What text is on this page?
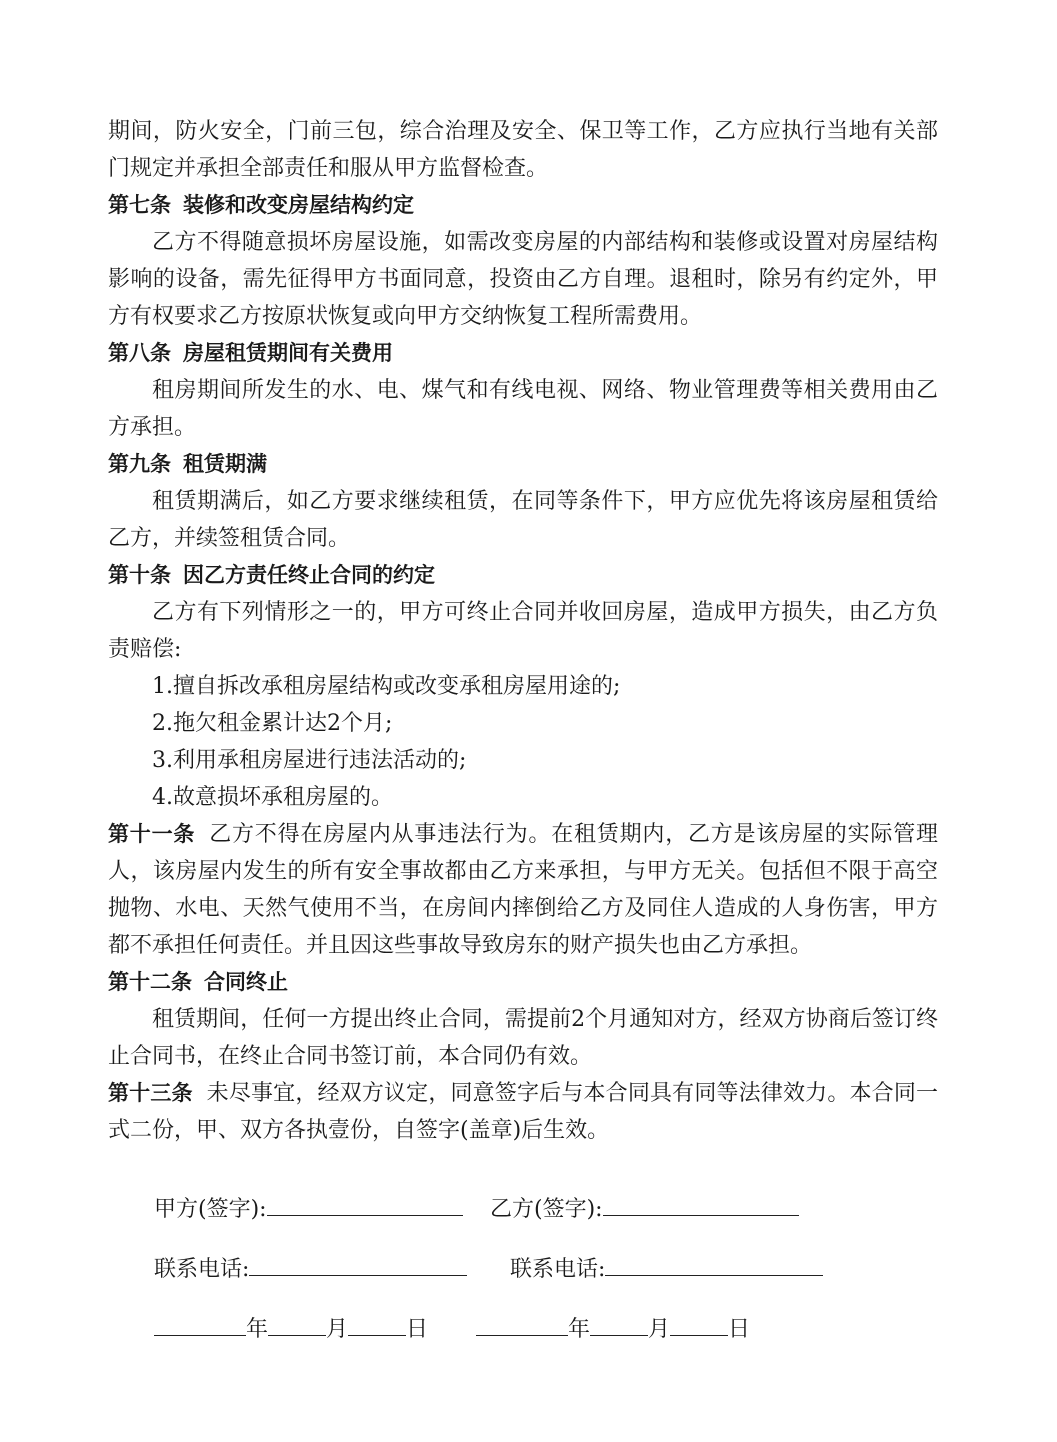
期间，防火安全，门前三包，综合治理及安全、保卫等工作，乙方应执行当地有关部门规定并承担全部责任和服从甲方监督检查。

第七条 装修和改变房屋结构约定

乙方不得随意损坏房屋设施，如需改变房屋的内部结构和装修或设置对房屋结构影响的设备，需先征得甲方书面同意，投资由乙方自理。退租时，除另有约定外，甲方有权要求乙方按原状恢复或向甲方交纳恢复工程所需费用。

第八条 房屋租赁期间有关费用

租房期间所发生的水、电、煤气和有线电视、网络、物业管理费等相关费用由乙方承担。

第九条 租赁期满

租赁期满后，如乙方要求继续租赁，在同等条件下，甲方应优先将该房屋租赁给乙方，并续签租赁合同。

第十条 因乙方责任终止合同的约定

乙方有下列情形之一的，甲方可终止合同并收回房屋，造成甲方损失，由乙方负责赔偿:

1.擅自拆改承租房屋结构或改变承租房屋用途的;

2.拖欠租金累计达2个月;

3.利用承租房屋进行违法活动的;

4.故意损坏承租房屋的。

第十一条 乙方不得在房屋内从事违法行为。在租赁期内，乙方是该房屋的实际管理人，该房屋内发生的所有安全事故都由乙方来承担，与甲方无关。包括但不限于高空抛物、水电、天然气使用不当，在房间内摔倒给乙方及同住人造成的人身伤害，甲方都不承担任何责任。并且因这些事故导致房东的财产损失也由乙方承担。

第十二条 合同终止

租赁期间，任何一方提出终止合同，需提前2个月通知对方，经双方协商后签订终止合同书，在终止合同书签订前，本合同仍有效。

第十三条 未尽事宜，经双方议定，同意签字后与本合同具有同等法律效力。本合同一式二份，甲、双方各执壹份，自签字(盖章)后生效。

甲方(签字):	乙方(签字):
联系电话:	联系电话:
年	月	日	年	月	日
